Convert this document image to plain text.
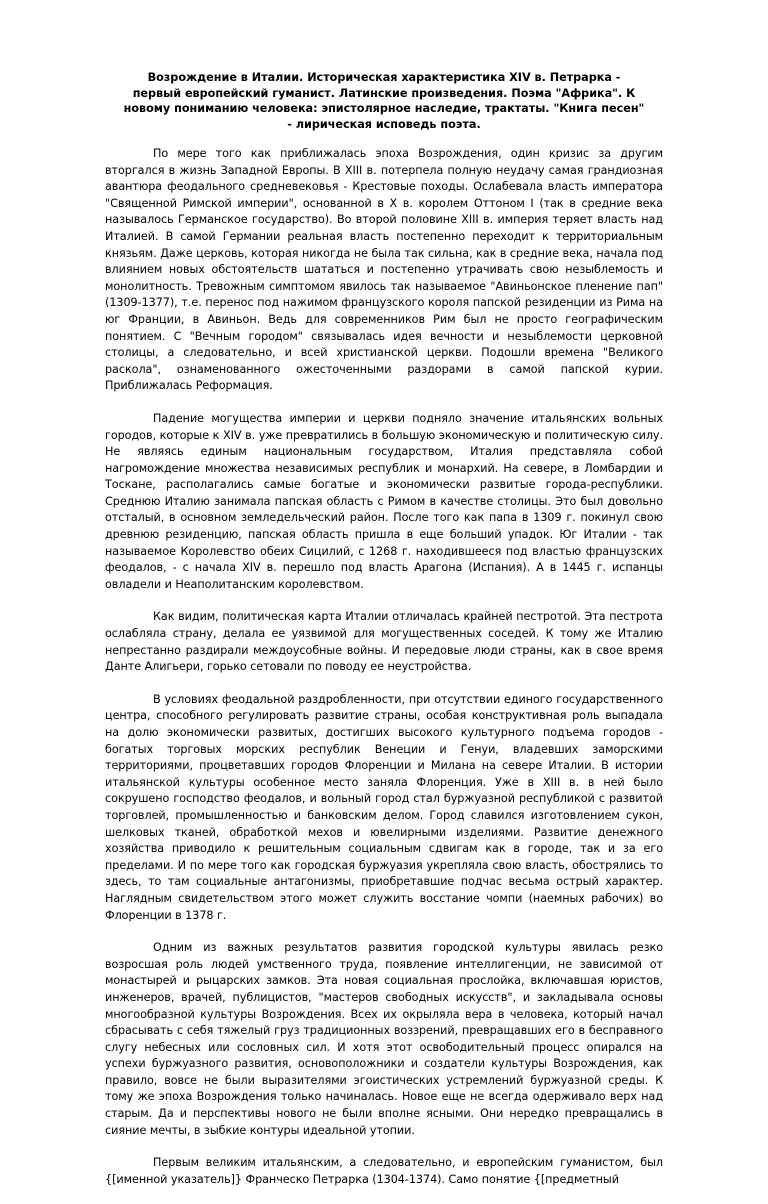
Возрождение в Италии. Историческая характеристика XIV в. Петрарка - первый европейский гуманист. Латинские произведения. Поэма "Африка". К новому пониманию человека: эпистолярное наследие, трактаты. "Книга песен" - лирическая исповедь поэта.

По мере того как приближалась эпоха Возрождения, один кризис за другим вторгался в жизнь Западной Европы. В XIII в. потерпела полную неудачу самая грандиозная авантюра феодального средневековья - Крестовые походы. Ослабевала власть императора "Священной Римской империи", основанной в X в. королем Оттоном I (так в средние века называлось Германское государство). Во второй половине XIII в. империя теряет власть над Италией. В самой Германии реальная власть постепенно переходит к территориальным князьям. Даже церковь, которая никогда не была так сильна, как в средние века, начала под влиянием новых обстоятельств шататься и постепенно утрачивать свою незыблемость и монолитность. Тревожным симптомом явилось так называемое "Авиньонское пленение пап" (1309-1377), т.е. перенос под нажимом французского короля папской резиденции из Рима на юг Франции, в Авиньон. Ведь для современников Рим был не просто географическим понятием. С "Вечным городом" связывалась идея вечности и незыблемости церковной столицы, а следовательно, и всей христианской церкви. Подошли времена "Великого раскола", ознаменованного ожесточенными раздорами в самой папской курии. Приближалась Реформация.

Падение могущества империи и церкви подняло значение итальянских вольных городов, которые к XIV в. уже превратились в большую экономическую и политическую силу. Не являясь единым национальным государством, Италия представляла собой нагромождение множества независимых республик и монархий. На севере, в Ломбардии и Тоскане, располагались самые богатые и экономически развитые города-республики. Среднюю Италию занимала папская область с Римом в качестве столицы. Это был довольно отсталый, в основном земледельческий район. После того как папа в 1309 г. покинул свою древнюю резиденцию, папская область пришла в еще больший упадок. Юг Италии - так называемое Королевство обеих Сицилий, с 1268 г. находившееся под властью французских феодалов, - с начала XIV в. перешло под власть Арагона (Испания). А в 1445 г. испанцы овладели и Неаполитанским королевством.

Как видим, политическая карта Италии отличалась крайней пестротой. Эта пестрота ослабляла страну, делала ее уязвимой для могущественных соседей. К тому же Италию непрестанно раздирали междоусобные войны. И передовые люди страны, как в свое время Данте Алигьери, горько сетовали по поводу ее неустройства.

В условиях феодальной раздробленности, при отсутствии единого государственного центра, способного регулировать развитие страны, особая конструктивная роль выпадала на долю экономически развитых, достигших высокого культурного подъема городов - богатых торговых морских республик Венеции и Генуи, владевших заморскими территориями, процветавших городов Флоренции и Милана на севере Италии. В истории итальянской культуры особенное место заняла Флоренция. Уже в XIII в. в ней было сокрушено господство феодалов, и вольный город стал буржуазной республикой с развитой торговлей, промышленностью и банковским делом. Город славился изготовлением сукон, шелковых тканей, обработкой мехов и ювелирными изделиями. Развитие денежного хозяйства приводило к решительным социальным сдвигам как в городе, так и за его пределами. И по мере того как городская буржуазия укрепляла свою власть, обострялись то здесь, то там социальные антагонизмы, приобретавшие подчас весьма острый характер. Наглядным свидетельством этого может служить восстание чомпи (наемных рабочих) во Флоренции в 1378 г.

Одним из важных результатов развития городской культуры явилась резко возросшая роль людей умственного труда, появление интеллигенции, не зависимой от монастырей и рыцарских замков. Эта новая социальная прослойка, включавшая юристов, инженеров, врачей, публицистов, "мастеров свободных искусств", и закладывала основы многообразной культуры Возрождения. Всех их окрыляла вера в человека, который начал сбрасывать с себя тяжелый груз традиционных воззрений, превращавших его в бесправного слугу небесных или сословных сил. И хотя этот освободительный процесс опирался на успехи буржуазного развития, основоположники и создатели культуры Возрождения, как правило, вовсе не были выразителями эгоистических устремлений буржуазной среды. К тому же эпоха Возрождения только начиналась. Новое еще не всегда одерживало верх над старым. Да и перспективы нового не были вполне ясными. Они нередко превращались в сияние мечты, в зыбкие контуры идеальной утопии.

Первым великим итальянским, а следовательно, и европейским гуманистом, был {[именной указатель]} Франческо Петрарка (1304-1374). Само понятие {[предметный
